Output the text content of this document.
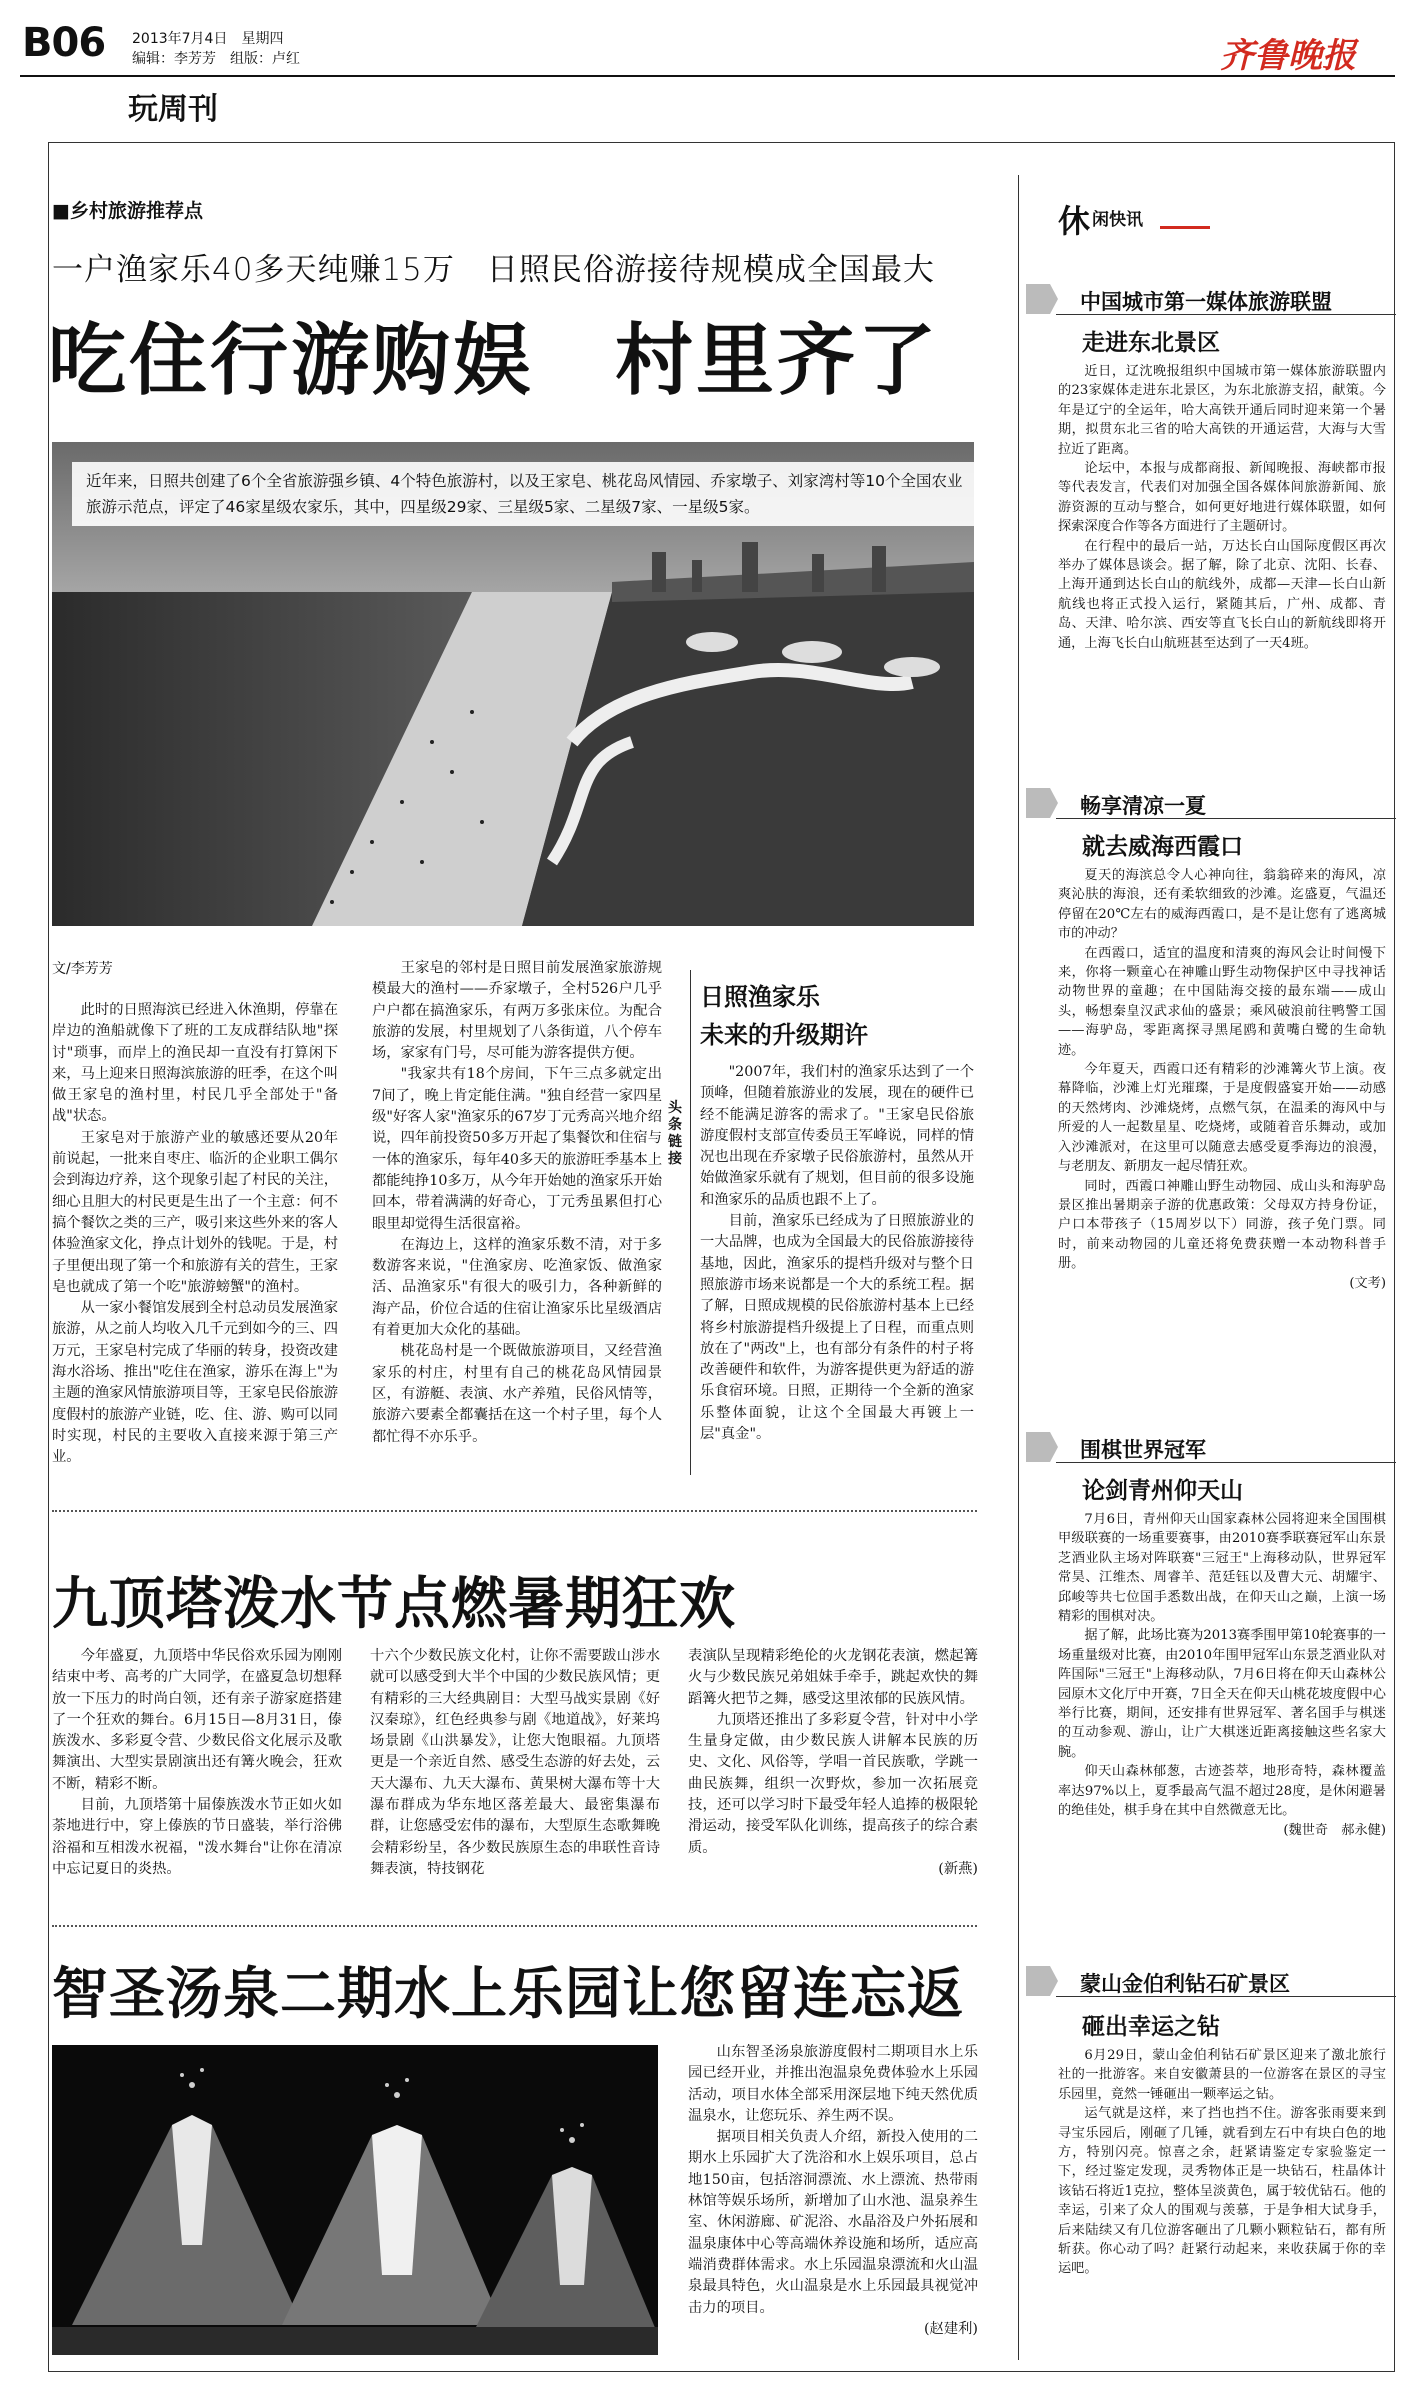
B06 2013年7月4日　星期四
编辑：李芳芳　组版：卢红
玩周刊
齐鲁晚报
■乡村旅游推荐点
一户渔家乐40多天纯赚15万　日照民俗游接待规模成全国最大
吃住行游购娱　村里齐了
近年来，日照共创建了6个全省旅游强乡镇、4个特色旅游村，以及王家皂、桃花岛风情园、乔家墩子、刘家湾村等10个全国农业旅游示范点，评定了46家星级农家乐，其中，四星级29家、三星级5家、二星级7家、一星级5家。
文/李芳芳

此时的日照海滨已经进入休渔期，停靠在岸边的渔船就像下了班的工友成群结队地"探讨"琐事，而岸上的渔民却一直没有打算闲下来，马上迎来日照海滨旅游的旺季，在这个叫做王家皂的渔村里，村民几乎全部处于"备战"状态。

王家皂对于旅游产业的敏感还要从20年前说起，一批来自枣庄、临沂的企业职工偶尔会到海边疗养，这个现象引起了村民的关注，细心且胆大的村民更是生出了一个主意：何不搞个餐饮之类的三产，吸引来这些外来的客人体验渔家文化，挣点计划外的钱呢。于是，村子里便出现了第一个和旅游有关的营生，王家皂也就成了第一个吃"旅游螃蟹"的渔村。

从一家小餐馆发展到全村总动员发展渔家旅游，从之前人均收入几千元到如今的三、四万元，王家皂村完成了华丽的转身，投资改建海水浴场、推出"吃住在渔家，游乐在海上"为主题的渔家风情旅游项目等，王家皂民俗旅游度假村的旅游产业链，吃、住、游、购可以同时实现，村民的主要收入直接来源于第三产业。

王家皂的邻村是日照目前发展渔家旅游规模最大的渔村——乔家墩子，全村526户几乎户户都在搞渔家乐，有两万多张床位。为配合旅游的发展，村里规划了八条街道，八个停车场，家家有门号，尽可能为游客提供方便。

"我家共有18个房间，下午三点多就定出7间了，晚上肯定能住满。"独自经营一家四星级"好客人家"渔家乐的67岁丁元秀高兴地介绍说，四年前投资50多万开起了集餐饮和住宿与一体的渔家乐，每年40多天的旅游旺季基本上都能纯挣10多万，从今年开始她的渔家乐开始回本，带着满满的好奇心，丁元秀虽累但打心眼里却觉得生活很富裕。

在海边上，这样的渔家乐数不清，对于多数游客来说，"住渔家房、吃渔家饭、做渔家活、品渔家乐"有很大的吸引力，各种新鲜的海产品，价位合适的住宿让渔家乐比星级酒店有着更加大众化的基础。

桃花岛村是一个既做旅游项目，又经营渔家乐的村庄，村里有自己的桃花岛风情园景区，有游艇、表演、水产养殖，民俗风情等，旅游六要素全都囊括在这一个村子里，每个人都忙得不亦乐乎。

头条链接
日照渔家乐
未来的升级期许

"2007年，我们村的渔家乐达到了一个顶峰，但随着旅游业的发展，现在的硬件已经不能满足游客的需求了。"王家皂民俗旅游度假村支部宣传委员王军峰说，同样的情况也出现在乔家墩子民俗旅游村，虽然从开始做渔家乐就有了规划，但目前的很多设施和渔家乐的品质也跟不上了。

目前，渔家乐已经成为了日照旅游业的一大品牌，也成为全国最大的民俗旅游接待基地，因此，渔家乐的提档升级对与整个日照旅游市场来说都是一个大的系统工程。据了解，日照成规模的民俗旅游村基本上已经将乡村旅游提档升级提上了日程，而重点则放在了"两改"上，也有部分有条件的村子将改善硬件和软件，为游客提供更为舒适的游乐食宿环境。日照，正期待一个全新的渔家乐整体面貌，让这个全国最大再镀上一层"真金"。

九顶塔泼水节点燃暑期狂欢

今年盛夏，九顶塔中华民俗欢乐园为刚刚结束中考、高考的广大同学，在盛夏急切想释放一下压力的时尚白领，还有亲子游家庭搭建了一个狂欢的舞台。6月15日—8月31日，傣族泼水、多彩夏令营、少数民俗文化展示及歌舞演出、大型实景剧演出还有篝火晚会，狂欢不断，精彩不断。

目前，九顶塔第十届傣族泼水节正如火如荼地进行中，穿上傣族的节日盛装，举行浴佛浴福和互相泼水祝福，"泼水舞台"让你在清凉中忘记夏日的炎热。

十六个少数民族文化村，让你不需要跋山涉水就可以感受到大半个中国的少数民族风情；更有精彩的三大经典剧目：大型马战实景剧《好汉秦琼》，红色经典参与剧《地道战》，好莱坞场景剧《山洪暴发》，让您大饱眼福。九顶塔更是一个亲近自然、感受生态游的好去处，云天大瀑布、九天大瀑布、黄果树大瀑布等十大瀑布群成为华东地区落差最大、最密集瀑布群，让您感受宏伟的瀑布，大型原生态歌舞晚会精彩纷呈，各少数民族原生态的串联性音诗舞表演，特技钢花

表演队呈现精彩绝伦的火龙钢花表演，燃起篝火与少数民族兄弟姐妹手牵手，跳起欢快的舞蹈篝火把节之舞，感受这里浓郁的民族风情。

九顶塔还推出了多彩夏令营，针对中小学生量身定做，由少数民族人讲解本民族的历史、文化、风俗等，学唱一首民族歌，学跳一曲民族舞，组织一次野炊，参加一次拓展竞技，还可以学习时下最受年轻人追捧的极限轮滑运动，接受军队化训练，提高孩子的综合素质。

(新燕)

智圣汤泉二期水上乐园让您留连忘返

山东智圣汤泉旅游度假村二期项目水上乐园已经开业，并推出泡温泉免费体验水上乐园活动，项目水体全部采用深层地下纯天然优质温泉水，让您玩乐、养生两不误。

据项目相关负责人介绍，新投入使用的二期水上乐园扩大了洗浴和水上娱乐项目，总占地150亩，包括溶洞漂流、水上漂流、热带雨林馆等娱乐场所，新增加了山水池、温泉养生室、休闲游廊、矿泥浴、水晶浴及户外拓展和温泉康体中心等高端休养设施和场所，适应高端消费群体需求。水上乐园温泉漂流和火山温泉最具特色，火山温泉是水上乐园最具视觉冲击力的项目。

(赵建利)

休 闲快讯
中国城市第一媒体旅游联盟
走进东北景区

近日，辽沈晚报组织中国城市第一媒体旅游联盟内的23家媒体走进东北景区，为东北旅游支招，献策。今年是辽宁的全运年，哈大高铁开通后同时迎来第一个暑期，拟贯东北三省的哈大高铁的开通运营，大海与大雪拉近了距离。

论坛中，本报与成都商报、新闻晚报、海峡都市报等代表发言，代表们对加强全国各媒体间旅游新闻、旅游资源的互动与整合，如何更好地进行媒体联盟，如何探索深度合作等各方面进行了主题研讨。

在行程中的最后一站，万达长白山国际度假区再次举办了媒体恳谈会。据了解，除了北京、沈阳、长春、上海开通到达长白山的航线外，成都—天津—长白山新航线也将正式投入运行，紧随其后，广州、成都、青岛、天津、哈尔滨、西安等直飞长白山的新航线即将开通，上海飞长白山航班甚至达到了一天4班。

畅享清凉一夏
就去威海西霞口

夏天的海滨总令人心神向往，翁翁碎来的海风，凉爽沁肤的海浪，还有柔软细致的沙滩。迄盛夏，气温还停留在20℃左右的威海西霞口，是不是让您有了逃离城市的冲动？

在西霞口，适宜的温度和清爽的海风会让时间慢下来，你将一颗童心在神雕山野生动物保护区中寻找神话动物世界的童趣；在中国陆海交接的最东端——成山头，畅想秦皇汉武求仙的盛景；乘风破浪前往鸭警工国——海驴岛，零距离探寻黑尾鸥和黄嘴白鹭的生命轨迹。

今年夏天，西霞口还有精彩的沙滩篝火节上演。夜幕降临，沙滩上灯光璀璨，于是度假盛宴开始——动感的天然烤肉、沙滩烧烤，点燃气氛，在温柔的海风中与所爱的人一起数星星、吃烧烤，或随着音乐舞动，或加入沙滩派对，在这里可以随意去感受夏季海边的浪漫，与老朋友、新朋友一起尽情狂欢。

同时，西霞口神雕山野生动物园、成山头和海驴岛景区推出暑期亲子游的优惠政策：父母双方持身份证，户口本带孩子（15周岁以下）同游，孩子免门票。同时，前来动物园的儿童还将免费获赠一本动物科普手册。

(文考)

围棋世界冠军
论剑青州仰天山

7月6日，青州仰天山国家森林公园将迎来全国围棋甲级联赛的一场重要赛事，由2010赛季联赛冠军山东景芝酒业队主场对阵联赛"三冠王"上海移动队，世界冠军常昊、江维杰、周睿羊、范廷钰以及曹大元、胡耀宇、邱峻等共七位国手悉数出战，在仰天山之巅，上演一场精彩的围棋对决。

据了解，此场比赛为2013赛季围甲第10轮赛事的一场重量级对比赛，由2010年围甲冠军山东景芝酒业队对阵国际"三冠王"上海移动队，7月6日将在仰天山森林公园原木文化厅中开赛，7日全天在仰天山桃花坡度假中心举行比赛，期间，还安排有世界冠军、著名国手与棋迷的互动参观、游山，让广大棋迷近距离接触这些名家大腕。

仰天山森林郁葱，古迹荟萃，地形奇特，森林覆盖率达97%以上，夏季最高气温不超过28度，是休闲避暑的绝佳处，棋手身在其中自然微意无比。

(魏世奇　郝永健)

蒙山金伯利钻石矿景区
砸出幸运之钻

6月29日，蒙山金伯利钻石矿景区迎来了激北旅行社的一批游客。来自安徽萧县的一位游客在景区的寻宝乐园里，竟然一锤砸出一颗率运之钻。

运气就是这样，来了挡也挡不住。游客张雨要来到寻宝乐园后，刚砸了几锤，就看到左石中有块白色的地方，特别闪亮。惊喜之余，赶紧请鉴定专家验鉴定一下，经过鉴定发现，灵秀物体正是一块钻石，柱晶体计该钻石将近1克拉，整体呈淡黄色，属于较优钻石。他的幸运，引来了众人的围观与羡慕，于是争相大试身手，后来陆续又有几位游客砸出了几颗小颗粒钻石，都有所斩获。你心动了吗？赶紧行动起来，来收获属于你的幸运吧。
